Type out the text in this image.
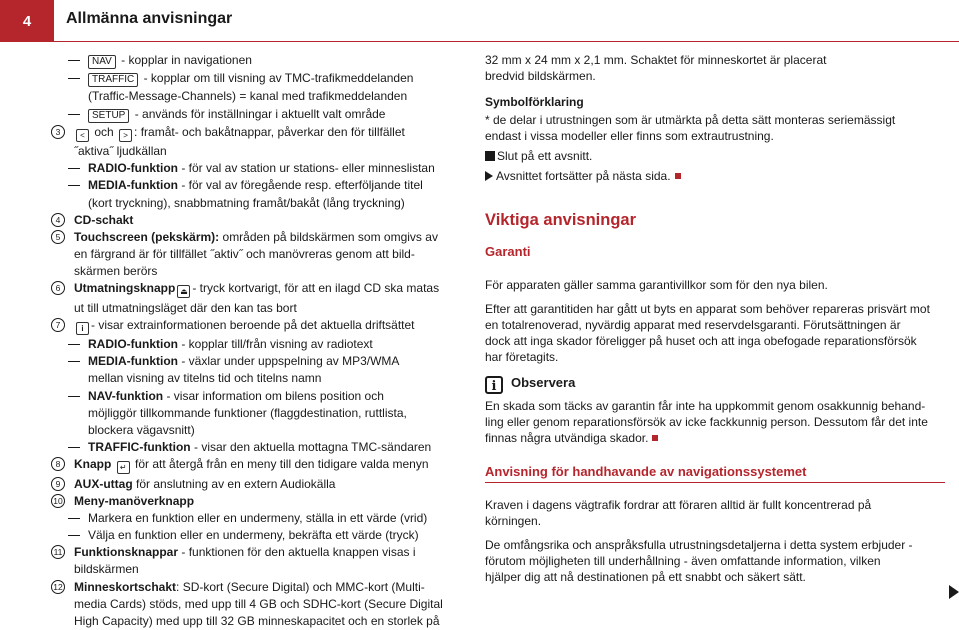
4	Allmänna anvisningar
NAV - kopplar in navigationen
TRAFFIC - kopplar om till visning av TMC-trafikmeddelanden
(Traffic-Message-Channels) = kanal med trafikmeddelanden
SETUP - används för inställningar i aktuellt valt område
3	< och > : framåt- och bakåtnappar, påverkar den för tillfället
˝aktiva˝ ljudkällan
RADIO-funktion - för val av station ur stations- eller minneslistan
MEDIA-funktion - för val av föregående resp. efterföljande titel
(kort tryckning), snabbmatning framåt/bakåt (lång tryckning)
4	CD-schakt
5	Touchscreen (pekskärm): områden på bildskärmen som omgivs av
en färgrand är för tillfället ˝aktiv˝ och manövreras genom att bild-
skärmen berörs
6	Utmatningsknapp ⏏ - tryck kortvarigt, för att en ilagd CD ska matas
ut till utmatningsläget där den kan tas bort
7	i - visar extrainformationen beroende på det aktuella driftsättet
RADIO-funktion - kopplar till/från visning av radiotext
MEDIA-funktion - växlar under uppspelning av MP3/WMA
mellan visning av titelns tid och titelns namn
NAV-funktion - visar information om bilens position och
möjliggör tillkommande funktioner (flaggdestination, ruttlista,
blockera vägavsnitt)
TRAFFIC-funktion - visar den aktuella mottagna TMC-sändaren
8	Knapp ↵ för att återgå från en meny till den tidigare valda menyn
9	AUX-uttag för anslutning av en extern Audiokälla
10 Meny-manöverknapp
Markera en funktion eller en undermeny, ställa in ett värde (vrid)
Välja en funktion eller en undermeny, bekräfta ett värde (tryck)
11 Funktionsknappar - funktionen för den aktuella knappen visas i
bildskärmen
12 Minneskortschakt: SD-kort (Secure Digital) och MMC-kort (Multi-
media Cards) stöds, med upp till 4 GB och SDHC-kort (Secure Digital
High Capacity) med upp till 32 GB minneskapacitet och en storlek på

32 mm x 24 mm x 2,1 mm. Schaktet för minneskortet är placerat

bredvid bildskärmen.

Symbolförklaring

* de delar i utrustningen som är utmärkta på detta sätt monteras seriemässigt

endast i vissa modeller eller finns som extrautrustning.

Slut på ett avsnitt.

Avsnittet fortsätter på nästa sida.

Viktiga anvisningar

Garanti

För apparaten gäller samma garantivillkor som för den nya bilen.

Efter att garantitiden har gått ut byts en apparat som behöver repareras prisvärt mot

en totalrenoverad, nyvärdig apparat med reservdelsgaranti. Förutsättningen är

dock att inga skador föreligger på huset och att inga obefogade reparationsförsök

har företagits.

i Observera

En skada som täcks av garantin får inte ha uppkommit genom osakkunnig behand-

ling eller genom reparationsförsök av icke fackkunnig person. Dessutom får det inte

finnas några utvändiga skador.

Anvisning för handhavande av navigationssystemet

Kraven i dagens vägtrafik fordrar att föraren alltid är fullt koncentrerad på

körningen.

De omfångsrika och anspråksfulla utrustningsdetaljerna i detta system erbjuder -

förutom möjligheten till underhållning - även omfattande information, vilken

hjälper dig att nå destinationen på ett snabbt och säkert sätt.
